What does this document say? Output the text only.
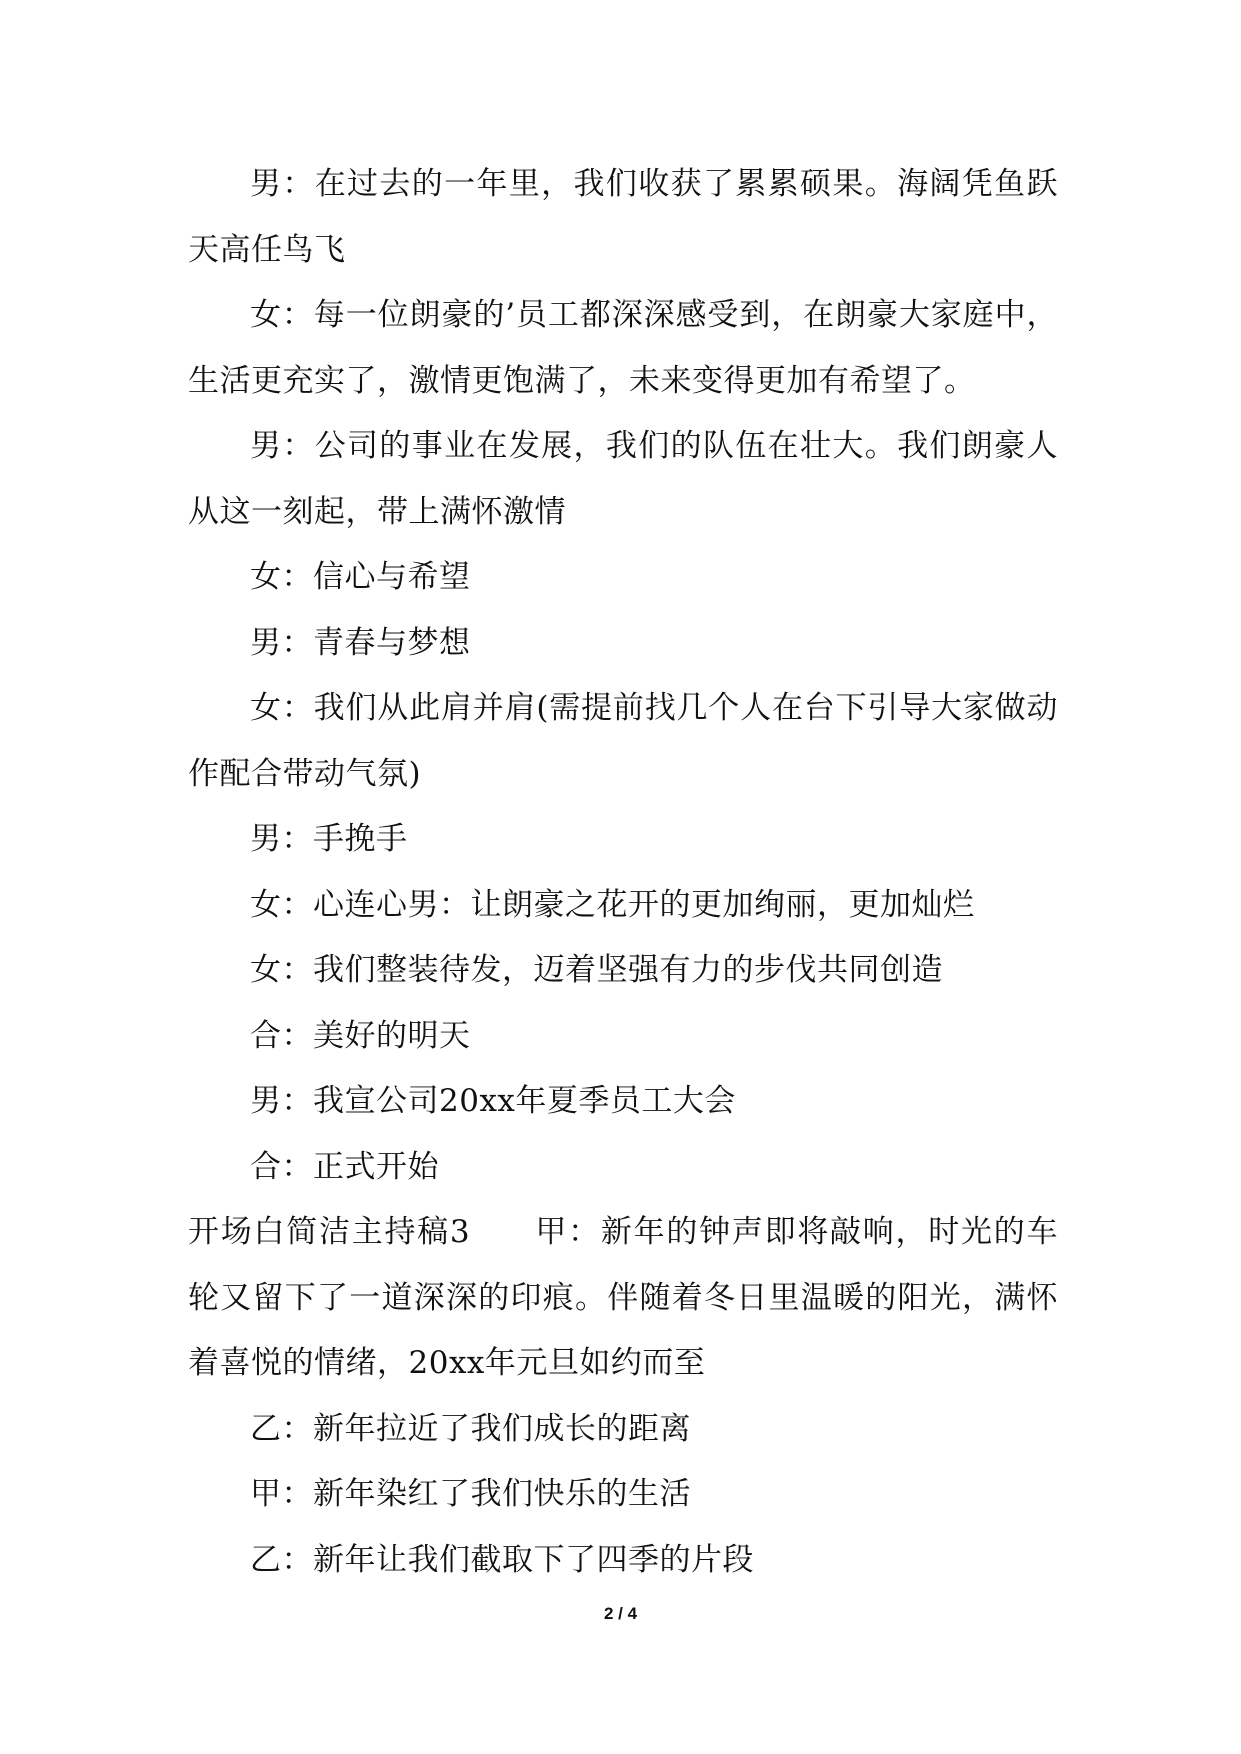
男：在过去的一年里，我们收获了累累硕果。海阔凭鱼跃天高任鸟飞

女：每一位朗豪的’员工都深深感受到，在朗豪大家庭中，生活更充实了，激情更饱满了，未来变得更加有希望了。

男：公司的事业在发展，我们的队伍在壮大。我们朗豪人从这一刻起，带上满怀激情

女：信心与希望

男：青春与梦想

女：我们从此肩并肩(需提前找几个人在台下引导大家做动作配合带动气氛)

男：手挽手

女：心连心男：让朗豪之花开的更加绚丽，更加灿烂

女：我们整装待发，迈着坚强有力的步伐共同创造

合：美好的明天

男：我宣公司20xx年夏季员工大会

合：正式开始

开场白简洁主持稿3 甲：新年的钟声即将敲响，时光的车轮又留下了一道深深的印痕。伴随着冬日里温暖的阳光，满怀着喜悦的情绪，20xx年元旦如约而至

乙：新年拉近了我们成长的距离

甲：新年染红了我们快乐的生活

乙：新年让我们截取下了四季的片段

2 / 4
